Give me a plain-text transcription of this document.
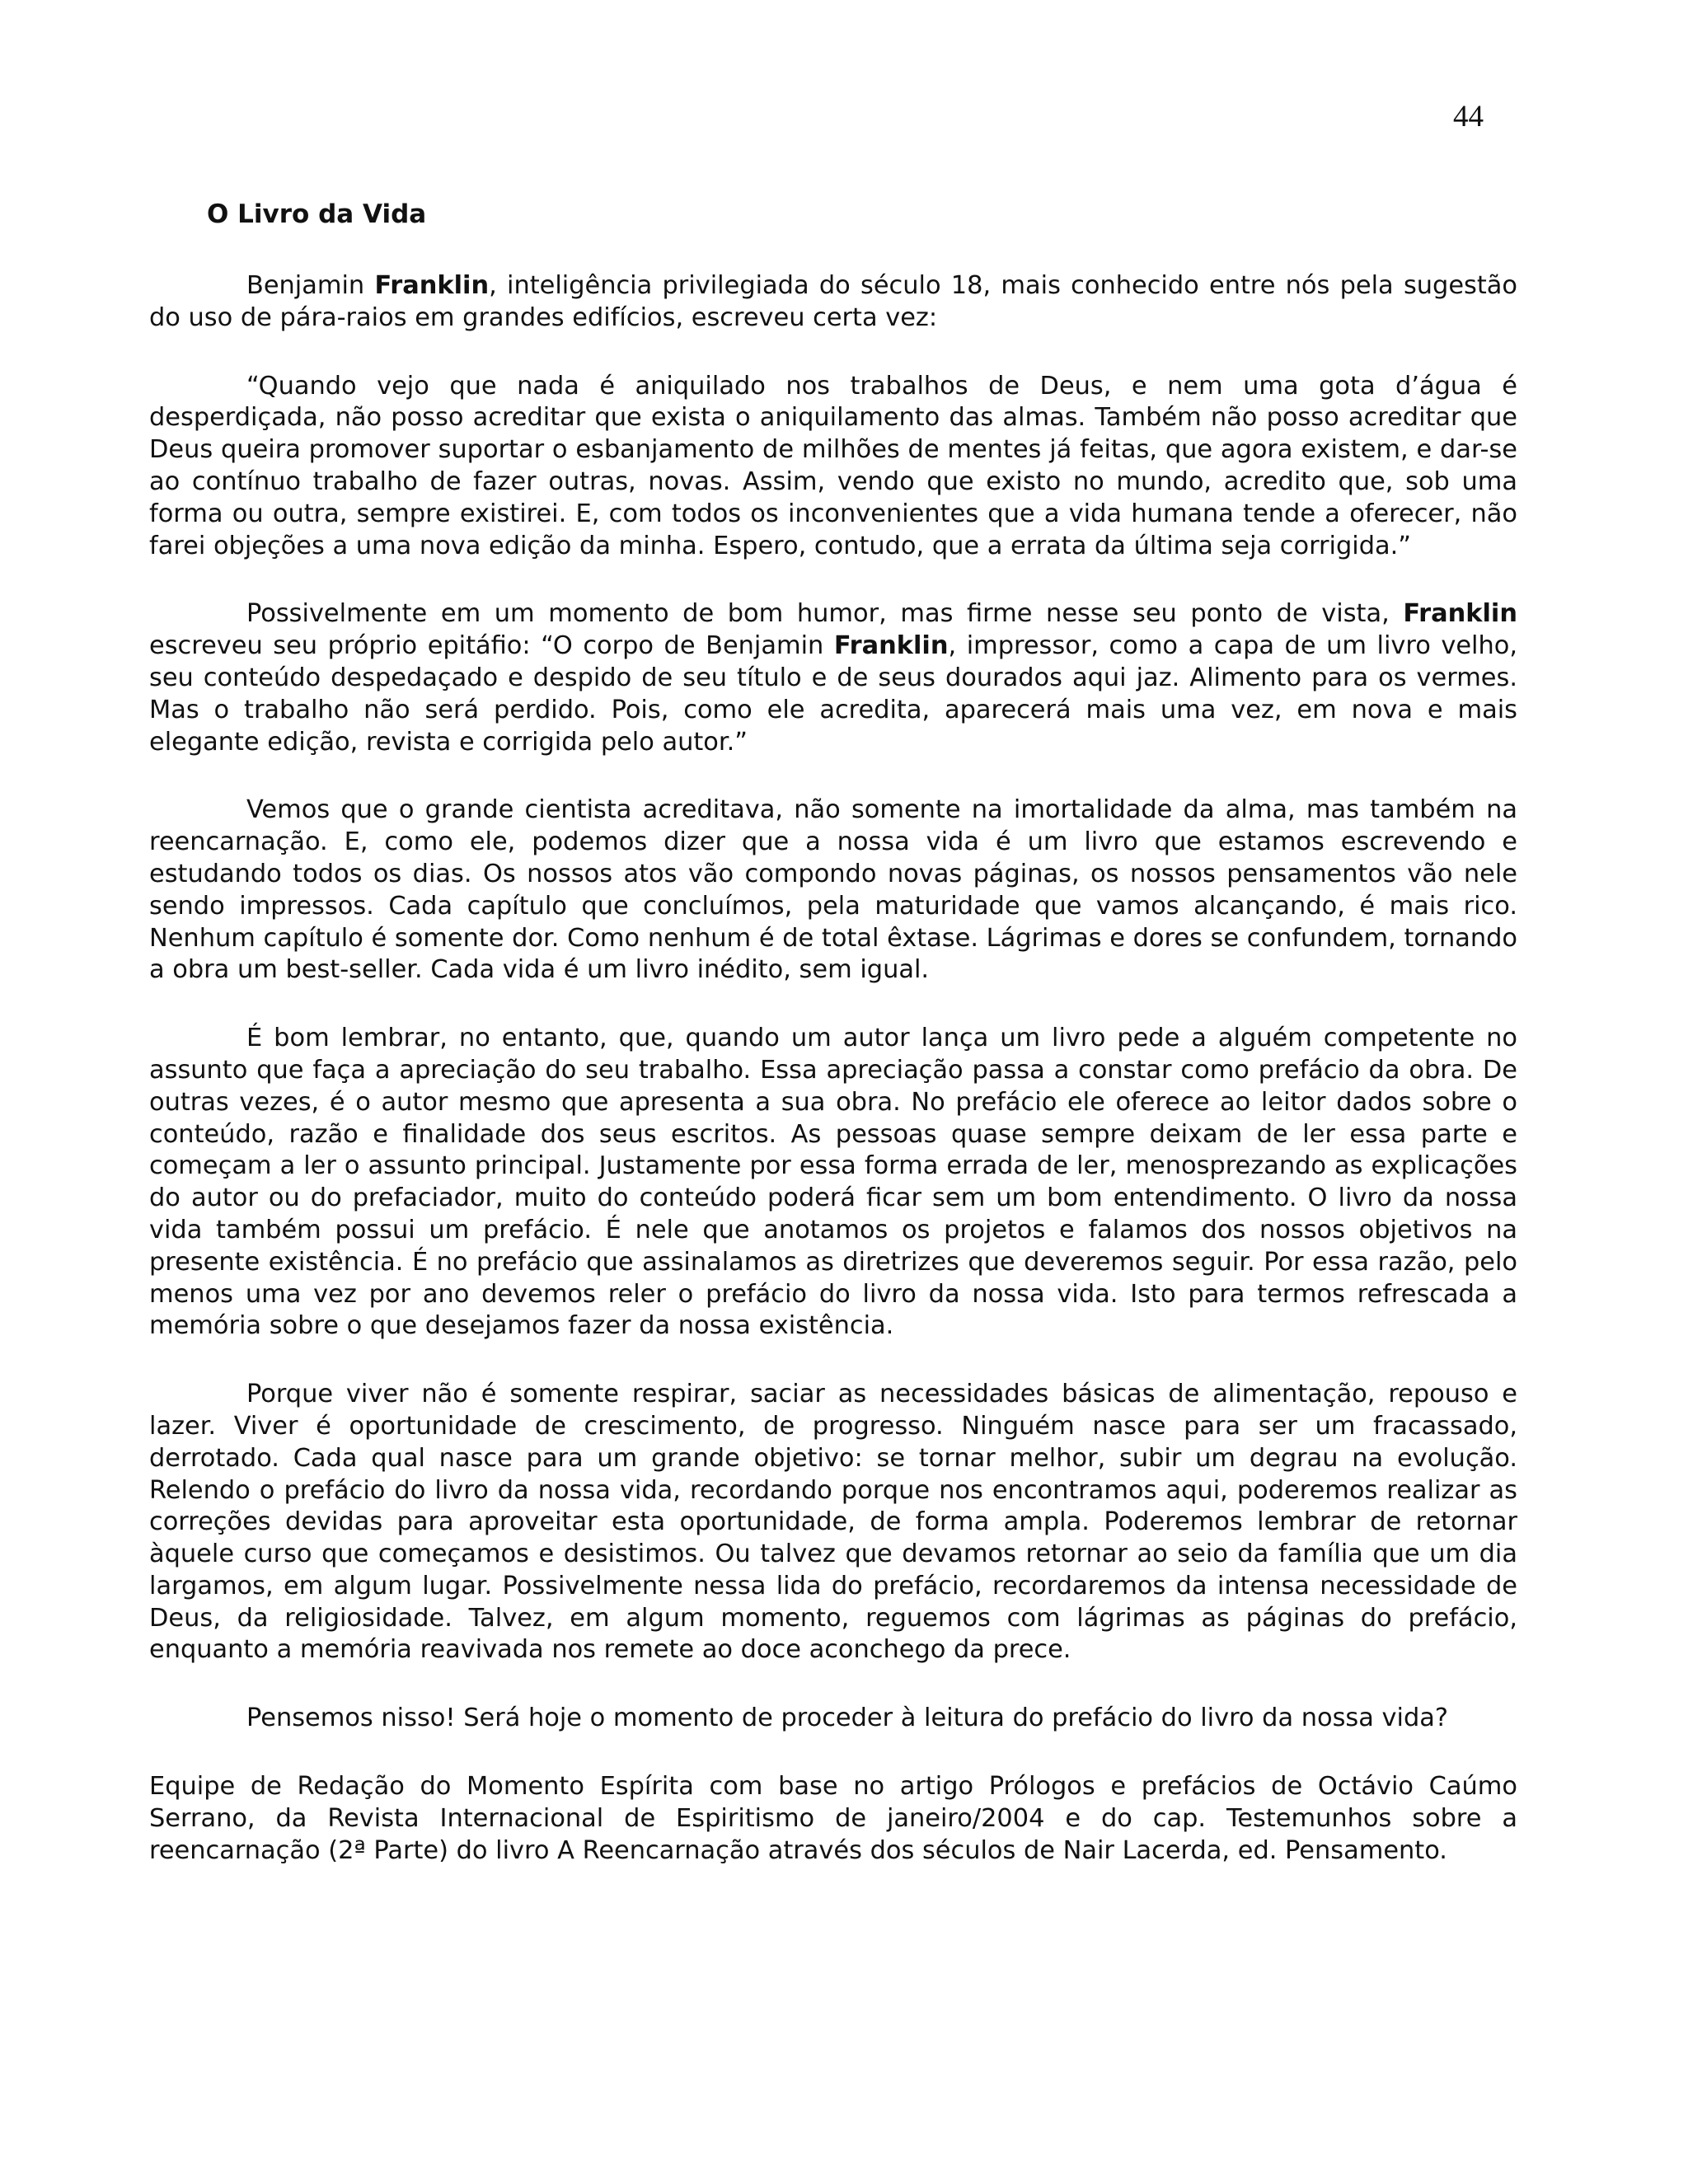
44
O Livro da Vida

Benjamin Franklin, inteligência privilegiada do século 18, mais conhecido entre nós pela sugestão do uso de pára-raios em grandes edifícios, escreveu certa vez:

“Quando vejo que nada é aniquilado nos trabalhos de Deus, e nem uma gota d’água é desperdiçada, não posso acreditar que exista o aniquilamento das almas. Também não posso acreditar que Deus queira promover suportar o esbanjamento de milhões de mentes já feitas, que agora existem, e dar-se ao contínuo trabalho de fazer outras, novas. Assim, vendo que existo no mundo, acredito que, sob uma forma ou outra, sempre existirei. E, com todos os inconvenientes que a vida humana tende a oferecer, não farei objeções a uma nova edição da minha. Espero, contudo, que a errata da última seja corrigida.”

Possivelmente em um momento de bom humor, mas firme nesse seu ponto de vista, Franklin escreveu seu próprio epitáfio: “O corpo de Benjamin Franklin, impressor, como a capa de um livro velho, seu conteúdo despedaçado e despido de seu título e de seus dourados aqui jaz. Alimento para os vermes. Mas o trabalho não será perdido. Pois, como ele acredita, aparecerá mais uma vez, em nova e mais elegante edição, revista e corrigida pelo autor.”

Vemos que o grande cientista acreditava, não somente na imortalidade da alma, mas também na reencarnação. E, como ele, podemos dizer que a nossa vida é um livro que estamos escrevendo e estudando todos os dias. Os nossos atos vão compondo novas páginas, os nossos pensamentos vão nele sendo impressos. Cada capítulo que concluímos, pela maturidade que vamos alcançando, é mais rico. Nenhum capítulo é somente dor. Como nenhum é de total êxtase. Lágrimas e dores se confundem, tornando a obra um best-seller. Cada vida é um livro inédito, sem igual.

É bom lembrar, no entanto, que, quando um autor lança um livro pede a alguém competente no assunto que faça a apreciação do seu trabalho. Essa apreciação passa a constar como prefácio da obra. De outras vezes, é o autor mesmo que apresenta a sua obra. No prefácio ele oferece ao leitor dados sobre o conteúdo, razão e finalidade dos seus escritos. As pessoas quase sempre deixam de ler essa parte e começam a ler o assunto principal. Justamente por essa forma errada de ler, menosprezando as explicações do autor ou do prefaciador, muito do conteúdo poderá ficar sem um bom entendimento. O livro da nossa vida também possui um prefácio. É nele que anotamos os projetos e falamos dos nossos objetivos na presente existência. É no prefácio que assinalamos as diretrizes que deveremos seguir. Por essa razão, pelo menos uma vez por ano devemos reler o prefácio do livro da nossa vida. Isto para termos refrescada a memória sobre o que desejamos fazer da nossa existência.

Porque viver não é somente respirar, saciar as necessidades básicas de alimentação, repouso e lazer. Viver é oportunidade de crescimento, de progresso. Ninguém nasce para ser um fracassado, derrotado. Cada qual nasce para um grande objetivo: se tornar melhor, subir um degrau na evolução. Relendo o prefácio do livro da nossa vida, recordando porque nos encontramos aqui, poderemos realizar as correções devidas para aproveitar esta oportunidade, de forma ampla. Poderemos lembrar de retornar àquele curso que começamos e desistimos. Ou talvez que devamos retornar ao seio da família que um dia largamos, em algum lugar. Possivelmente nessa lida do prefácio, recordaremos da intensa necessidade de Deus, da religiosidade. Talvez, em algum momento, reguemos com lágrimas as páginas do prefácio, enquanto a memória reavivada nos remete ao doce aconchego da prece.

Pensemos nisso! Será hoje o momento de proceder à leitura do prefácio do livro da nossa vida?

Equipe de Redação do Momento Espírita com base no artigo Prólogos e prefácios de Octávio Caúmo Serrano, da Revista Internacional de Espiritismo de janeiro/2004 e do cap. Testemunhos sobre a reencarnação (2ª Parte) do livro A Reencarnação através dos séculos de Nair Lacerda, ed. Pensamento.
